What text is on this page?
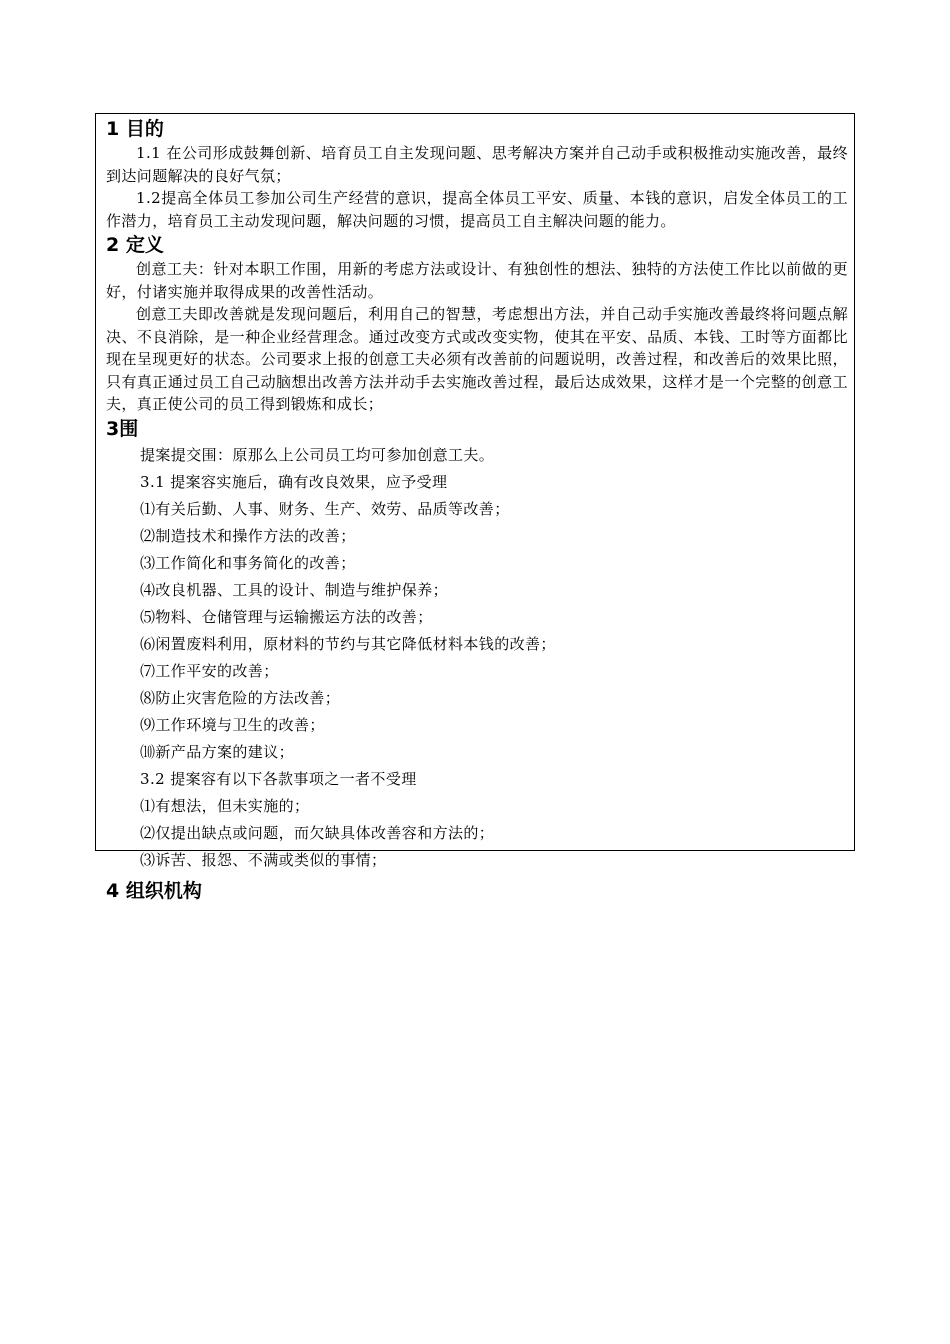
1 目的

1.1 在公司形成鼓舞创新、培育员工自主发现问题、思考解决方案并自己动手或积极推动实施改善，最终到达问题解决的良好气氛；

1.2提高全体员工参加公司生产经营的意识，提高全体员工平安、质量、本钱的意识，启发全体员工的工作潜力，培育员工主动发现问题，解决问题的习惯，提高员工自主解决问题的能力。

2 定义

创意工夫：针对本职工作围，用新的考虑方法或设计、有独创性的想法、独特的方法使工作比以前做的更好，付诸实施并取得成果的改善性活动。

创意工夫即改善就是发现问题后，利用自己的智慧，考虑想出方法，并自己动手实施改善最终将问题点解决、不良消除，是一种企业经营理念。通过改变方式或改变实物，使其在平安、品质、本钱、工时等方面都比现在呈现更好的状态。公司要求上报的创意工夫必须有改善前的问题说明，改善过程，和改善后的效果比照，只有真正通过员工自己动脑想出改善方法并动手去实施改善过程，最后达成效果，这样才是一个完整的创意工夫，真正使公司的员工得到锻炼和成长；

3围
提案提交围：原那么上公司员工均可参加创意工夫。
3.1 提案容实施后，确有改良效果，应予受理
⑴有关后勤、人事、财务、生产、效劳、品质等改善；
⑵制造技术和操作方法的改善；
⑶工作简化和事务简化的改善；
⑷改良机器、工具的设计、制造与维护保养；
⑸物料、仓储管理与运输搬运方法的改善；
⑹闲置废料利用，原材料的节约与其它降低材料本钱的改善；
⑺工作平安的改善；
⑻防止灾害危险的方法改善；
⑼工作环境与卫生的改善；
⑽新产品方案的建议；
3.2 提案容有以下各款事项之一者不受理
⑴有想法，但未实施的；
⑵仅提出缺点或问题，而欠缺具体改善容和方法的；
⑶诉苦、报怨、不满或类似的事情；
4 组织机构
